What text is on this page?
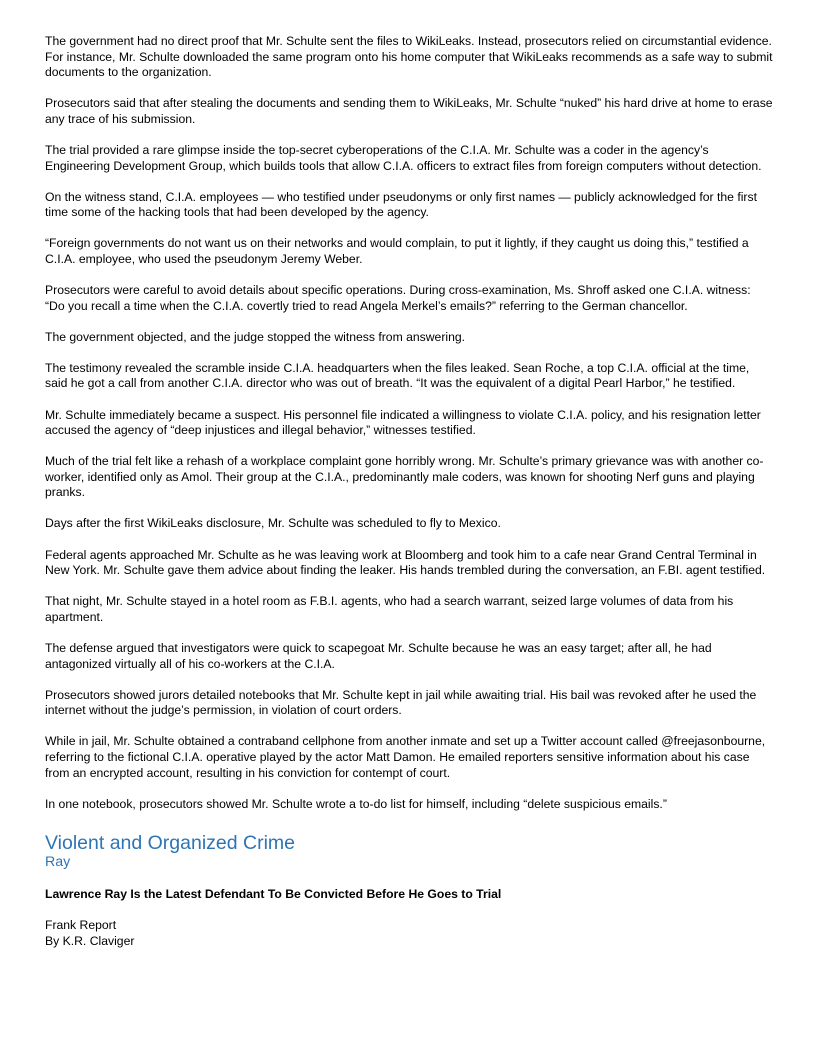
The government had no direct proof that Mr. Schulte sent the files to WikiLeaks. Instead, prosecutors relied on circumstantial evidence. For instance, Mr. Schulte downloaded the same program onto his home computer that WikiLeaks recommends as a safe way to submit documents to the organization.

Prosecutors said that after stealing the documents and sending them to WikiLeaks, Mr. Schulte “nuked” his hard drive at home to erase any trace of his submission.

The trial provided a rare glimpse inside the top-secret cyberoperations of the C.I.A. Mr. Schulte was a coder in the agency’s Engineering Development Group, which builds tools that allow C.I.A. officers to extract files from foreign computers without detection.

On the witness stand, C.I.A. employees — who testified under pseudonyms or only first names — publicly acknowledged for the first time some of the hacking tools that had been developed by the agency.

“Foreign governments do not want us on their networks and would complain, to put it lightly, if they caught us doing this,” testified a C.I.A. employee, who used the pseudonym Jeremy Weber.

Prosecutors were careful to avoid details about specific operations. During cross-examination, Ms. Shroff asked one C.I.A. witness: “Do you recall a time when the C.I.A. covertly tried to read Angela Merkel’s emails?” referring to the German chancellor.

The government objected, and the judge stopped the witness from answering.

The testimony revealed the scramble inside C.I.A. headquarters when the files leaked. Sean Roche, a top C.I.A. official at the time, said he got a call from another C.I.A. director who was out of breath. “It was the equivalent of a digital Pearl Harbor,” he testified.

Mr. Schulte immediately became a suspect. His personnel file indicated a willingness to violate C.I.A. policy, and his resignation letter accused the agency of “deep injustices and illegal behavior,” witnesses testified.

Much of the trial felt like a rehash of a workplace complaint gone horribly wrong. Mr. Schulte’s primary grievance was with another co-worker, identified only as Amol. Their group at the C.I.A., predominantly male coders, was known for shooting Nerf guns and playing pranks.

Days after the first WikiLeaks disclosure, Mr. Schulte was scheduled to fly to Mexico.

Federal agents approached Mr. Schulte as he was leaving work at Bloomberg and took him to a cafe near Grand Central Terminal in New York. Mr. Schulte gave them advice about finding the leaker. His hands trembled during the conversation, an F.BI. agent testified.

That night, Mr. Schulte stayed in a hotel room as F.B.I. agents, who had a search warrant, seized large volumes of data from his apartment.

The defense argued that investigators were quick to scapegoat Mr. Schulte because he was an easy target; after all, he had antagonized virtually all of his co-workers at the C.I.A.

Prosecutors showed jurors detailed notebooks that Mr. Schulte kept in jail while awaiting trial. His bail was revoked after he used the internet without the judge’s permission, in violation of court orders.

While in jail, Mr. Schulte obtained a contraband cellphone from another inmate and set up a Twitter account called @freejasonbourne, referring to the fictional C.I.A. operative played by the actor Matt Damon. He emailed reporters sensitive information about his case from an encrypted account, resulting in his conviction for contempt of court.

In one notebook, prosecutors showed Mr. Schulte wrote a to-do list for himself, including “delete suspicious emails.”

Violent and Organized Crime
Ray
Lawrence Ray Is the Latest Defendant To Be Convicted Before He Goes to Trial
Frank Report
By K.R. Claviger
